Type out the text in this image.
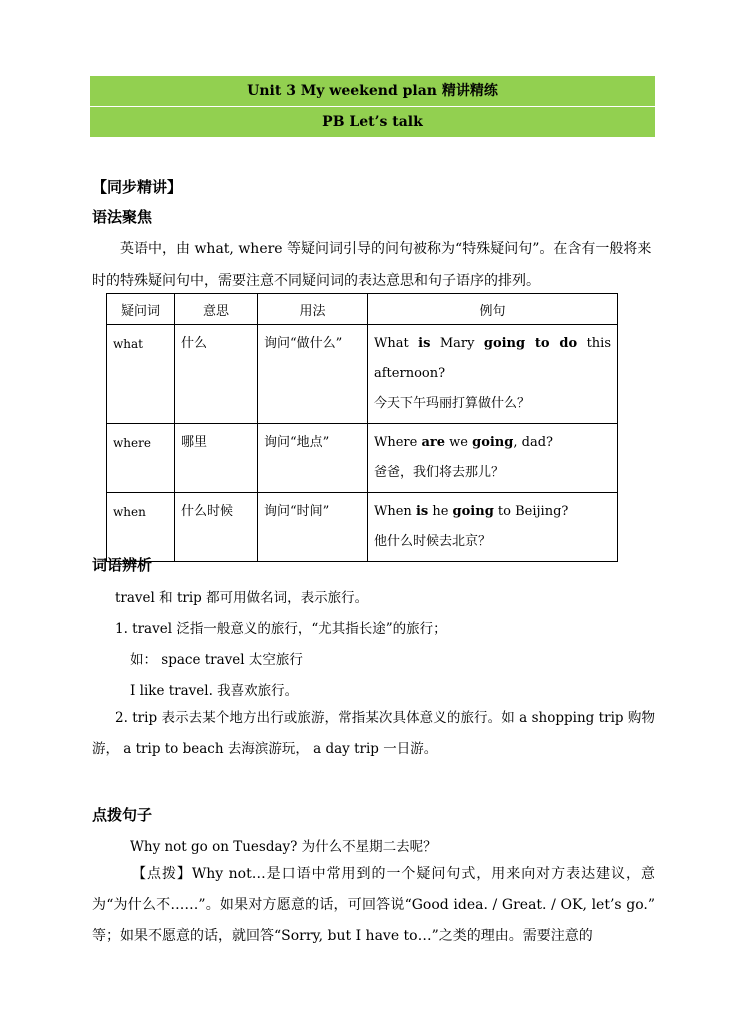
Unit 3 My weekend plan 精讲精练
PB Let’s talk
【同步精讲】
语法聚焦
英语中，由 what, where 等疑问词引导的问句被称为“特殊疑问句”。在含有一般将来时的特殊疑问句中，需要注意不同疑问词的表达意思和句子语序的排列。
疑问词	意思	用法	例句
what	什么	询问“做什么”	What is Mary going to do this afternoon?
今天下午玛丽打算做什么？

where	哪里	询问“地点”	Where are we going, dad?
爸爸，我们将去那儿？

when	什么时候	询问“时间”	When is he going to Beijing?
他什么时候去北京？
词语辨析
travel 和 trip 都可用做名词，表示旅行。
1. travel 泛指一般意义的旅行，“尤其指长途”的旅行；
如： space travel 太空旅行
I like travel. 我喜欢旅行。
2. trip 表示去某个地方出行或旅游，常指某次具体意义的旅行。如 a shopping trip 购物游， a trip to beach 去海滨游玩， a day trip 一日游。
点拨句子
Why not go on Tuesday? 为什么不星期二去呢？
【点拨】Why not…是口语中常用到的一个疑问句式，用来向对方表达建议，意为“为什么不……”。如果对方愿意的话，可回答说“Good idea. / Great. / OK, let’s go.” 等；如果不愿意的话，就回答“Sorry, but I have to…”之类的理由。需要注意的
